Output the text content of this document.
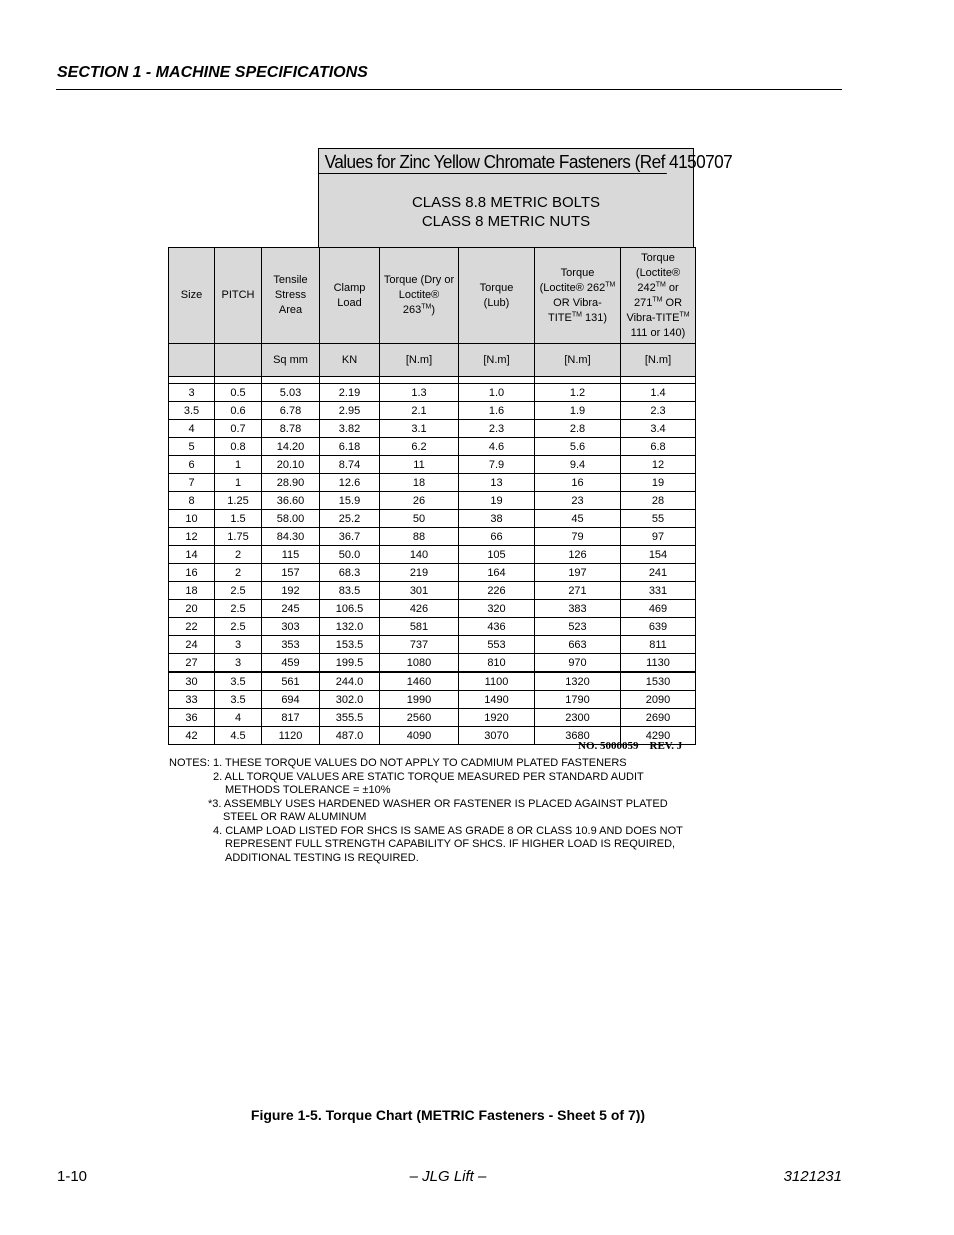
SECTION 1 - MACHINE SPECIFICATIONS
Values for Zinc Yellow Chromate Fasteners (Ref 4150707
CLASS 8.8 METRIC BOLTS
CLASS 8 METRIC NUTS
Size	PITCH	Tensile Stress Area	Clamp Load	Torque (Dry or Loctite® 263™)	Torque (Lub)	Torque (Loctite® 262™ OR Vibra-TITE™ 131)	Torque (Loctite® 242™ or 271™ OR Vibra-TITE™ 111 or 140)
		Sq mm	KN	[N.m]	[N.m]	[N.m]	[N.m]

3	0.5	5.03	2.19	1.3	1.0	1.2	1.4
3.5	0.6	6.78	2.95	2.1	1.6	1.9	2.3
4	0.7	8.78	3.82	3.1	2.3	2.8	3.4
5	0.8	14.20	6.18	6.2	4.6	5.6	6.8
6	1	20.10	8.74	11	7.9	9.4	12
7	1	28.90	12.6	18	13	16	19
8	1.25	36.60	15.9	26	19	23	28
10	1.5	58.00	25.2	50	38	45	55
12	1.75	84.30	36.7	88	66	79	97
14	2	115	50.0	140	105	126	154
16	2	157	68.3	219	164	197	241
18	2.5	192	83.5	301	226	271	331
20	2.5	245	106.5	426	320	383	469
22	2.5	303	132.0	581	436	523	639
24	3	353	153.5	737	553	663	811
27	3	459	199.5	1080	810	970	1130
30	3.5	561	244.0	1460	1100	1320	1530
33	3.5	694	302.0	1990	1490	1790	2090
36	4	817	355.5	2560	1920	2300	2690
42	4.5	1120	487.0	4090	3070	3680	4290
NO. 5000059    REV. J
NOTES: 1. THESE TORQUE VALUES DO NOT APPLY TO CADMIUM PLATED FASTENERS
2. ALL TORQUE VALUES ARE STATIC TORQUE MEASURED PER STANDARD AUDIT
METHODS TOLERANCE = ±10%
*3. ASSEMBLY USES HARDENED WASHER OR FASTENER IS PLACED AGAINST PLATED
STEEL OR RAW ALUMINUM
4. CLAMP LOAD LISTED FOR SHCS IS SAME AS GRADE 8 OR CLASS 10.9 AND DOES NOT
REPRESENT FULL STRENGTH CAPABILITY OF SHCS. IF HIGHER LOAD IS REQUIRED,
ADDITIONAL TESTING IS REQUIRED.
Figure 1-5. Torque Chart (METRIC Fasteners - Sheet 5 of 7))
1-10	– JLG Lift –	3121231
